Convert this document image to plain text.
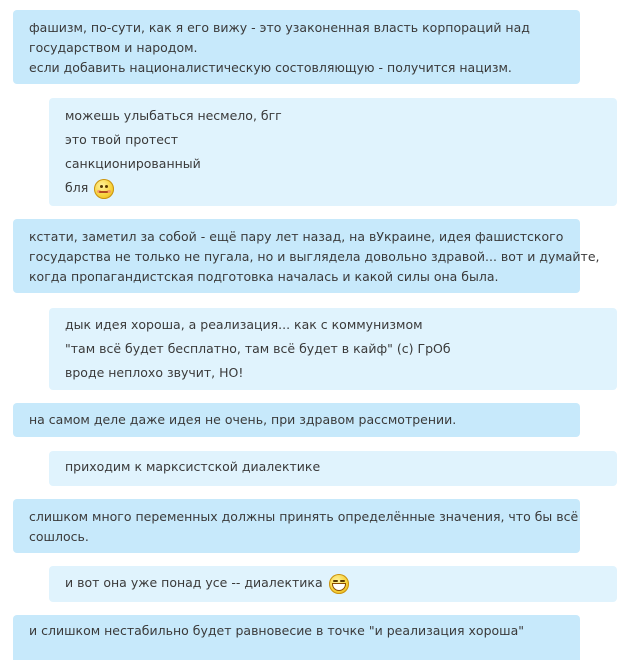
фашизм, по-сути, как я его вижу - это узаконенная власть корпораций над
государством и народом.
если добавить националистическую состовляющую - получится нацизм.
можешь улыбаться несмело, бгг
это твой протест
санкционированный
бля
кстати, заметил за собой - ещё пару лет назад, на вУкраине, идея фашистского
государства не только не пугала, но и выглядела довольно здравой... вот и думайте,
когда пропагандистская подготовка началась и какой силы она была.
дык идея хороша, а реализация... как с коммунизмом
"там всё будет бесплатно, там всё будет в кайф" (с) ГрОб
вроде неплохо звучит, НО!
на самом деле даже идея не очень, при здравом рассмотрении.
приходим к марксистской диалектике
слишком много переменных должны принять определённые значения, что бы всё
сошлось.
и вот она уже понад усе -- диалектика
и слишком нестабильно будет равновесие в точке "и реализация хороша"
